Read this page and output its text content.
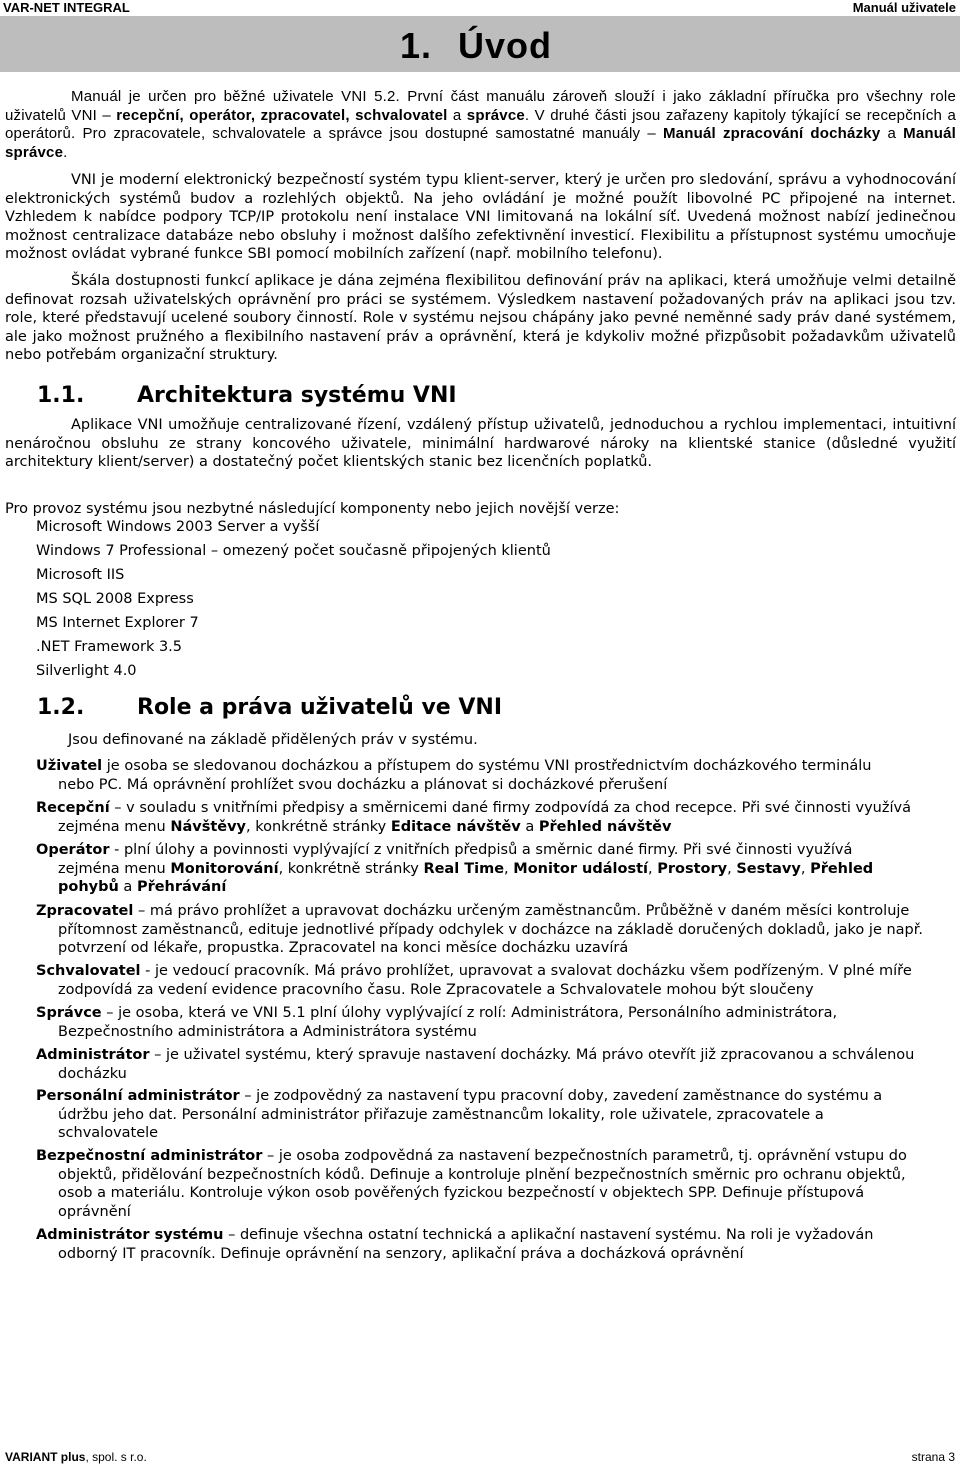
VAR-NET INTEGRAL	Manuál uživatele
1. Úvod
Manuál je určen pro běžné uživatele VNI 5.2. První část manuálu zároveň slouží i jako základní příručka pro všechny role uživatelů VNI – recepční, operátor, zpracovatel, schvalovatel a správce. V druhé části jsou zařazeny kapitoly týkající se recepčních a operátorů. Pro zpracovatele, schvalovatele a správce jsou dostupné samostatné manuály – Manuál zpracování docházky a Manuál správce.
VNI je moderní elektronický bezpečností systém typu klient-server, který je určen pro sledování, správu a vyhodnocování elektronických systémů budov a rozlehlých objektů. Na jeho ovládání je možné použít libovolné PC připojené na internet. Vzhledem k nabídce podpory TCP/IP protokolu není instalace VNI limitovaná na lokální síť. Uvedená možnost nabízí jedinečnou možnost centralizace databáze nebo obsluhy i možnost dalšího zefektivnění investicí. Flexibilitu a přístupnost systému umocňuje možnost ovládat vybrané funkce SBI pomocí mobilních zařízení (např. mobilního telefonu).
Škála dostupnosti funkcí aplikace je dána zejména flexibilitou definování práv na aplikaci, která umožňuje velmi detailně definovat rozsah uživatelských oprávnění pro práci se systémem. Výsledkem nastavení požadovaných práv na aplikaci jsou tzv. role, které představují ucelené soubory činností. Role v systému nejsou chápány jako pevné neměnné sady práv dané systémem, ale jako možnost pružného a flexibilního nastavení práv a oprávnění, která je kdykoliv možné přizpůsobit požadavkům uživatelů nebo potřebám organizační struktury.
1.1. Architektura systému VNI
Aplikace VNI umožňuje centralizované řízení, vzdálený přístup uživatelů, jednoduchou a rychlou implementaci, intuitivní nenáročnou obsluhu ze strany koncového uživatele, minimální hardwarové nároky na klientské stanice (důsledné využití architektury klient/server) a dostatečný počet klientských stanic bez licenčních poplatků.
Pro provoz systému jsou nezbytné následující komponenty nebo jejich novější verze:
Microsoft Windows 2003 Server a vyšší
Windows 7 Professional – omezený počet současně připojených klientů
Microsoft IIS
MS SQL 2008 Express
MS Internet Explorer 7
.NET Framework 3.5
Silverlight 4.0
1.2. Role a práva uživatelů ve VNI
Jsou definované na základě přidělených práv v systému.
Uživatel je osoba se sledovanou docházkou a přístupem do systému VNI prostřednictvím docházkového terminálu
nebo PC. Má oprávnění prohlížet svou docházku a plánovat si docházkové přerušení
Recepční – v souladu s vnitřními předpisy a směrnicemi dané firmy zodpovídá za chod recepce. Při své činnosti využívá
zejména menu Návštěvy, konkrétně stránky Editace návštěv a Přehled návštěv
Operátor - plní úlohy a povinnosti vyplývající z vnitřních předpisů a směrnic dané firmy. Při své činnosti využívá
zejména menu Monitorování, konkrétně stránky Real Time, Monitor událostí, Prostory, Sestavy, Přehled
pohybů a Přehrávání
Zpracovatel – má právo prohlížet a upravovat docházku určeným zaměstnancům. Průběžně v daném měsíci kontroluje
přítomnost zaměstnanců, edituje jednotlivé případy odchylek v docházce na základě doručených dokladů, jako je např.
potvrzení od lékaře, propustka. Zpracovatel na konci měsíce docházku uzavírá
Schvalovatel - je vedoucí pracovník. Má právo prohlížet, upravovat a svalovat docházku všem podřízeným. V plné míře
zodpovídá za vedení evidence pracovního času. Role Zpracovatele a Schvalovatele mohou být sloučeny
Správce – je osoba, která ve VNI 5.1 plní úlohy vyplývající z rolí: Administrátora, Personálního administrátora,
Bezpečnostního administrátora a Administrátora systému
Administrátor – je uživatel systému, který spravuje nastavení docházky. Má právo otevřít již zpracovanou a schválenou
docházku
Personální administrátor – je zodpovědný za nastavení typu pracovní doby, zavedení zaměstnance do systému a
údržbu jeho dat. Personální administrátor přiřazuje zaměstnancům lokality, role uživatele, zpracovatele a
schvalovatele
Bezpečnostní administrátor – je osoba zodpovědná za nastavení bezpečnostních parametrů, tj. oprávnění vstupu do
objektů, přidělování bezpečnostních kódů. Definuje a kontroluje plnění bezpečnostních směrnic pro ochranu objektů,
osob a materiálu. Kontroluje výkon osob pověřených fyzickou bezpečností v objektech SPP. Definuje přístupová
oprávnění
Administrátor systému – definuje všechna ostatní technická a aplikační nastavení systému. Na roli je vyžadován
odborný IT pracovník. Definuje oprávnění na senzory, aplikační práva a docházková oprávnění
VARIANT plus, spol. s r.o.	strana 3
